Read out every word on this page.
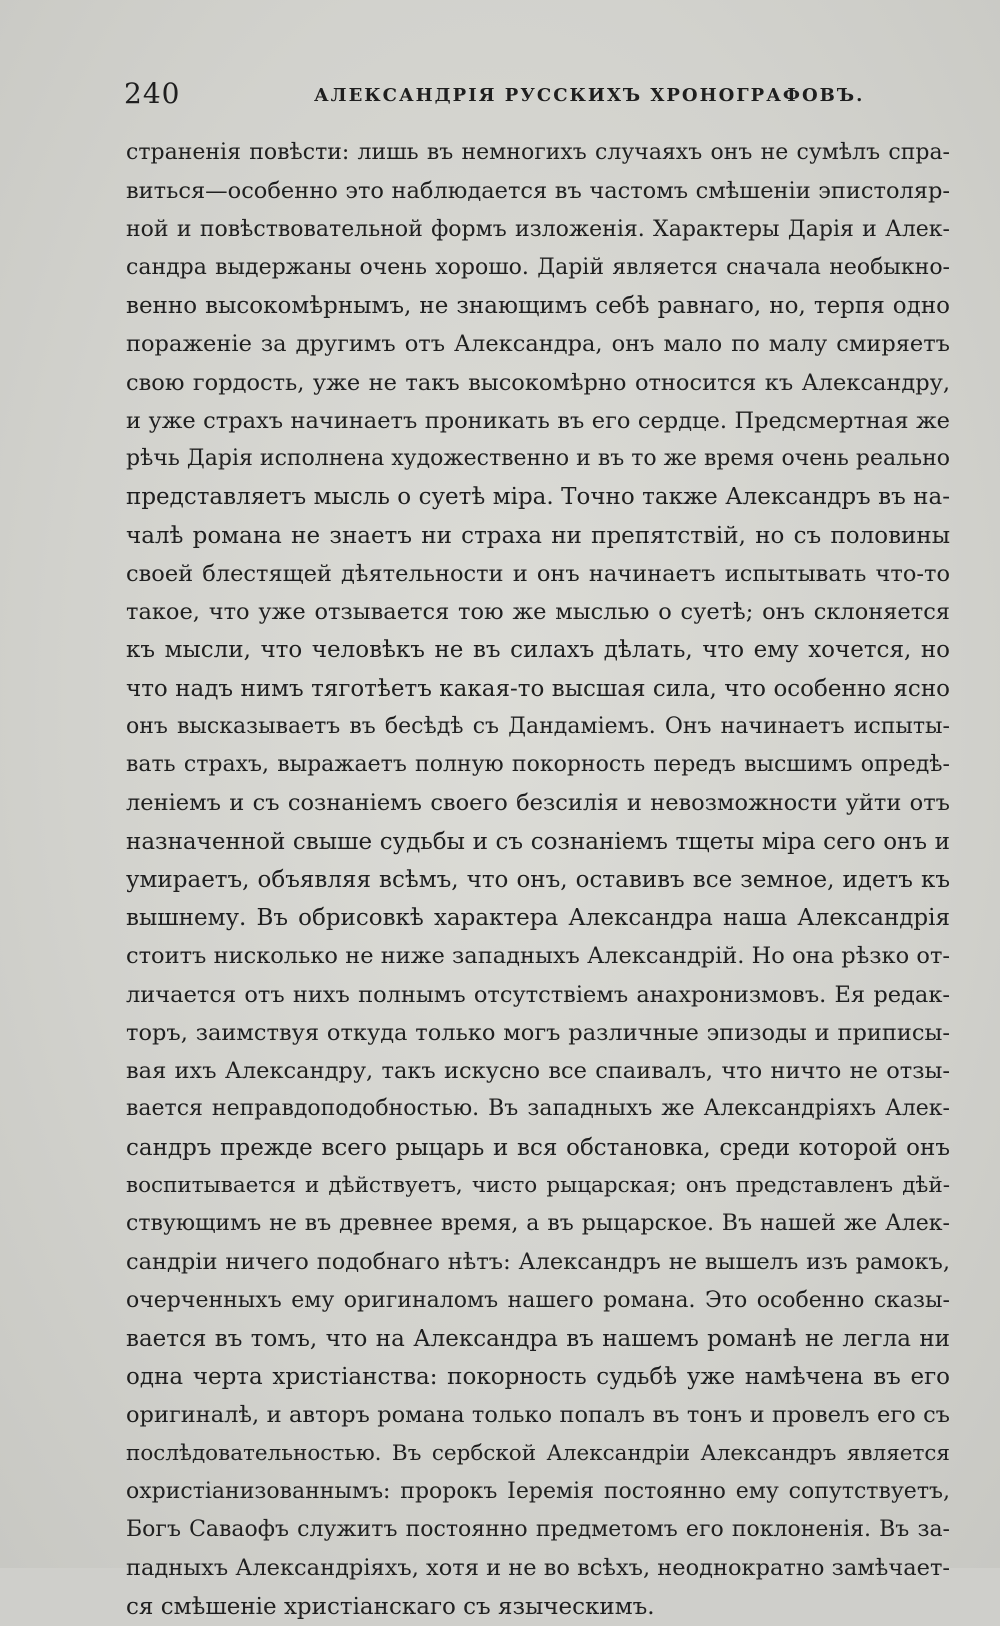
240	АЛЕКСАНДРІЯ РУССКИХЪ ХРОНОГРАФОВЪ.
страненія повѣсти: лишь въ немногихъ случаяхъ онъ не сумѣлъ спра-
виться—особенно это наблюдается въ частомъ смѣшеніи эпистоляр-
ной и повѣствовательной формъ изложенія. Характеры Дарія и Алек-
сандра выдержаны очень хорошо. Дарій является сначала необыкно-
венно высокомѣрнымъ, не знающимъ себѣ равнаго, но, терпя одно
пораженіе за другимъ отъ Александра, онъ мало по малу смиряетъ
свою гордость, уже не такъ высокомѣрно относится къ Александру,
и уже страхъ начинаетъ проникать въ его сердце. Предсмертная же
рѣчь Дарія исполнена художественно и въ то же время очень реально
представляетъ мысль о суетѣ міра. Точно также Александръ въ на-
чалѣ романа не знаетъ ни страха ни препятствій, но съ половины
своей блестящей дѣятельности и онъ начинаетъ испытывать что-то
такое, что уже отзывается тою же мыслью о суетѣ; онъ склоняется
къ мысли, что человѣкъ не въ силахъ дѣлать, что ему хочется, но
что надъ нимъ тяготѣетъ какая-то высшая сила, что особенно ясно
онъ высказываетъ въ бесѣдѣ съ Дандаміемъ. Онъ начинаетъ испыты-
вать страхъ, выражаетъ полную покорность передъ высшимъ опредѣ-
леніемъ и съ сознаніемъ своего безсилія и невозможности уйти отъ
назначенной свыше судьбы и съ сознаніемъ тщеты міра сего онъ и
умираетъ, объявляя всѣмъ, что онъ, оставивъ все земное, идетъ къ
вышнему. Въ обрисовкѣ характера Александра наша Александрія
стоитъ нисколько не ниже западныхъ Александрій. Но она рѣзко от-
личается отъ нихъ полнымъ отсутствіемъ анахронизмовъ. Ея редак-
торъ, заимствуя откуда только могъ различные эпизоды и приписы-
вая ихъ Александру, такъ искусно все спаивалъ, что ничто не отзы-
вается неправдоподобностью. Въ западныхъ же Александріяхъ Алек-
сандръ прежде всего рыцарь и вся обстановка, среди которой онъ
воспитывается и дѣйствуетъ, чисто рыцарская; онъ представленъ дѣй-
ствующимъ не въ древнее время, а въ рыцарское. Въ нашей же Алек-
сандріи ничего подобнаго нѣтъ: Александръ не вышелъ изъ рамокъ,
очерченныхъ ему оригиналомъ нашего романа. Это особенно сказы-
вается въ томъ, что на Александра въ нашемъ романѣ не легла ни
одна черта христіанства: покорность судьбѣ уже намѣчена въ его
оригиналѣ, и авторъ романа только попалъ въ тонъ и провелъ его съ
послѣдовательностью. Въ сербской Александріи Александръ является
охристіанизованнымъ: пророкъ Іеремія постоянно ему сопутствуетъ,
Богъ Саваофъ служитъ постоянно предметомъ его поклоненія. Въ за-
падныхъ Александріяхъ, хотя и не во всѣхъ, неоднократно замѣчает-
ся смѣшеніе христіанскаго съ языческимъ.
